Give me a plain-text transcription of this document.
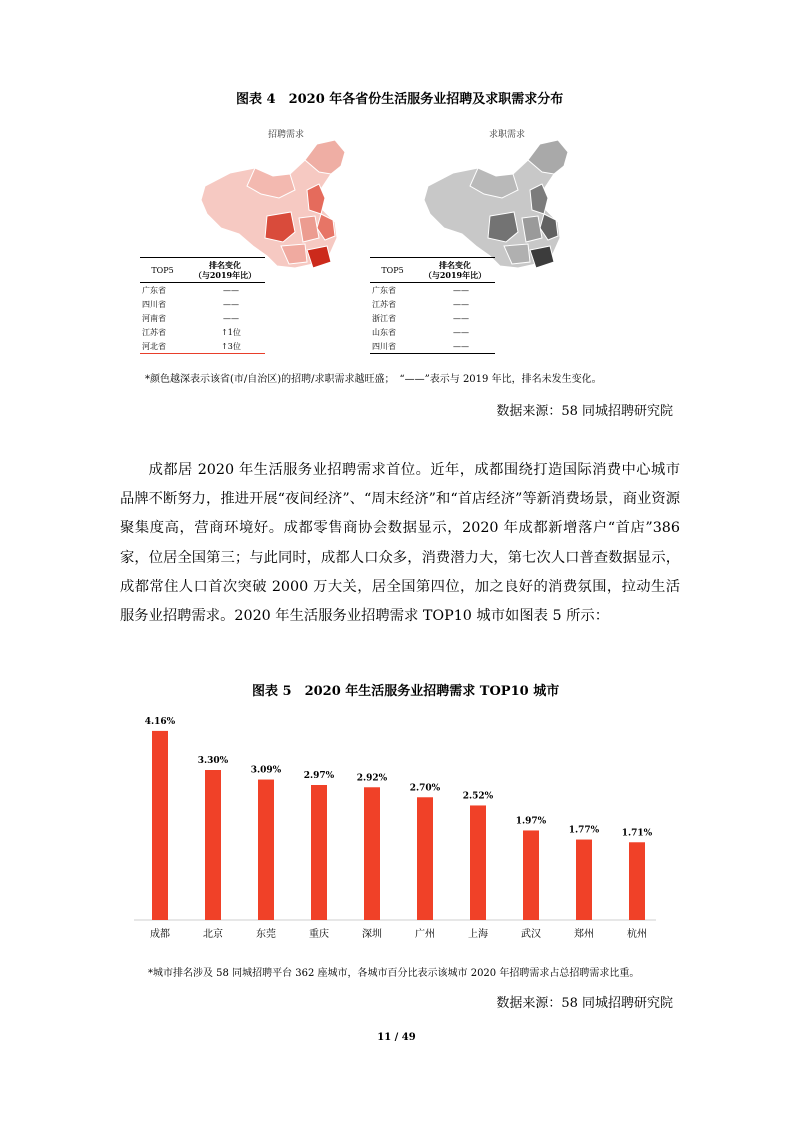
图表 4　2020 年各省份生活服务业招聘及求职需求分布
招聘需求	求职需求
TOP5	排名变化
（与2019年比）
广东省	——
四川省	——
河南省	——
江苏省	↑1位
河北省	↑3位
TOP5	排名变化
（与2019年比）
广东省	——
江苏省	——
浙江省	——
山东省	——
四川省	——
*颜色越深表示该省(市/自治区)的招聘/求职需求越旺盛；　“——”表示与 2019 年比，排名未发生变化。
数据来源：58 同城招聘研究院

成都居 2020 年生活服务业招聘需求首位。近年，成都围绕打造国际消费中心城市品牌不断努力，推进开展“夜间经济”、“周末经济”和“首店经济”等新消费场景，商业资源聚集度高，营商环境好。成都零售商协会数据显示，2020 年成都新增落户“首店”386 家，位居全国第三；与此同时，成都人口众多，消费潜力大，第七次人口普查数据显示，成都常住人口首次突破 2000 万大关，居全国第四位，加之良好的消费氛围，拉动生活服务业招聘需求。2020 年生活服务业招聘需求 TOP10 城市如图表 5 所示：

图表 5　2020 年生活服务业招聘需求 TOP10 城市
4.16%
3.30%
3.09%
2.97%	2.92%
2.70%
2.52%
1.97%
1.77%	1.71%
成都	北京	东莞	重庆	深圳	广州	上海	武汉	郑州	杭州
*城市排名涉及 58 同城招聘平台 362 座城市，各城市百分比表示该城市 2020 年招聘需求占总招聘需求比重。
数据来源：58 同城招聘研究院
11 / 49
